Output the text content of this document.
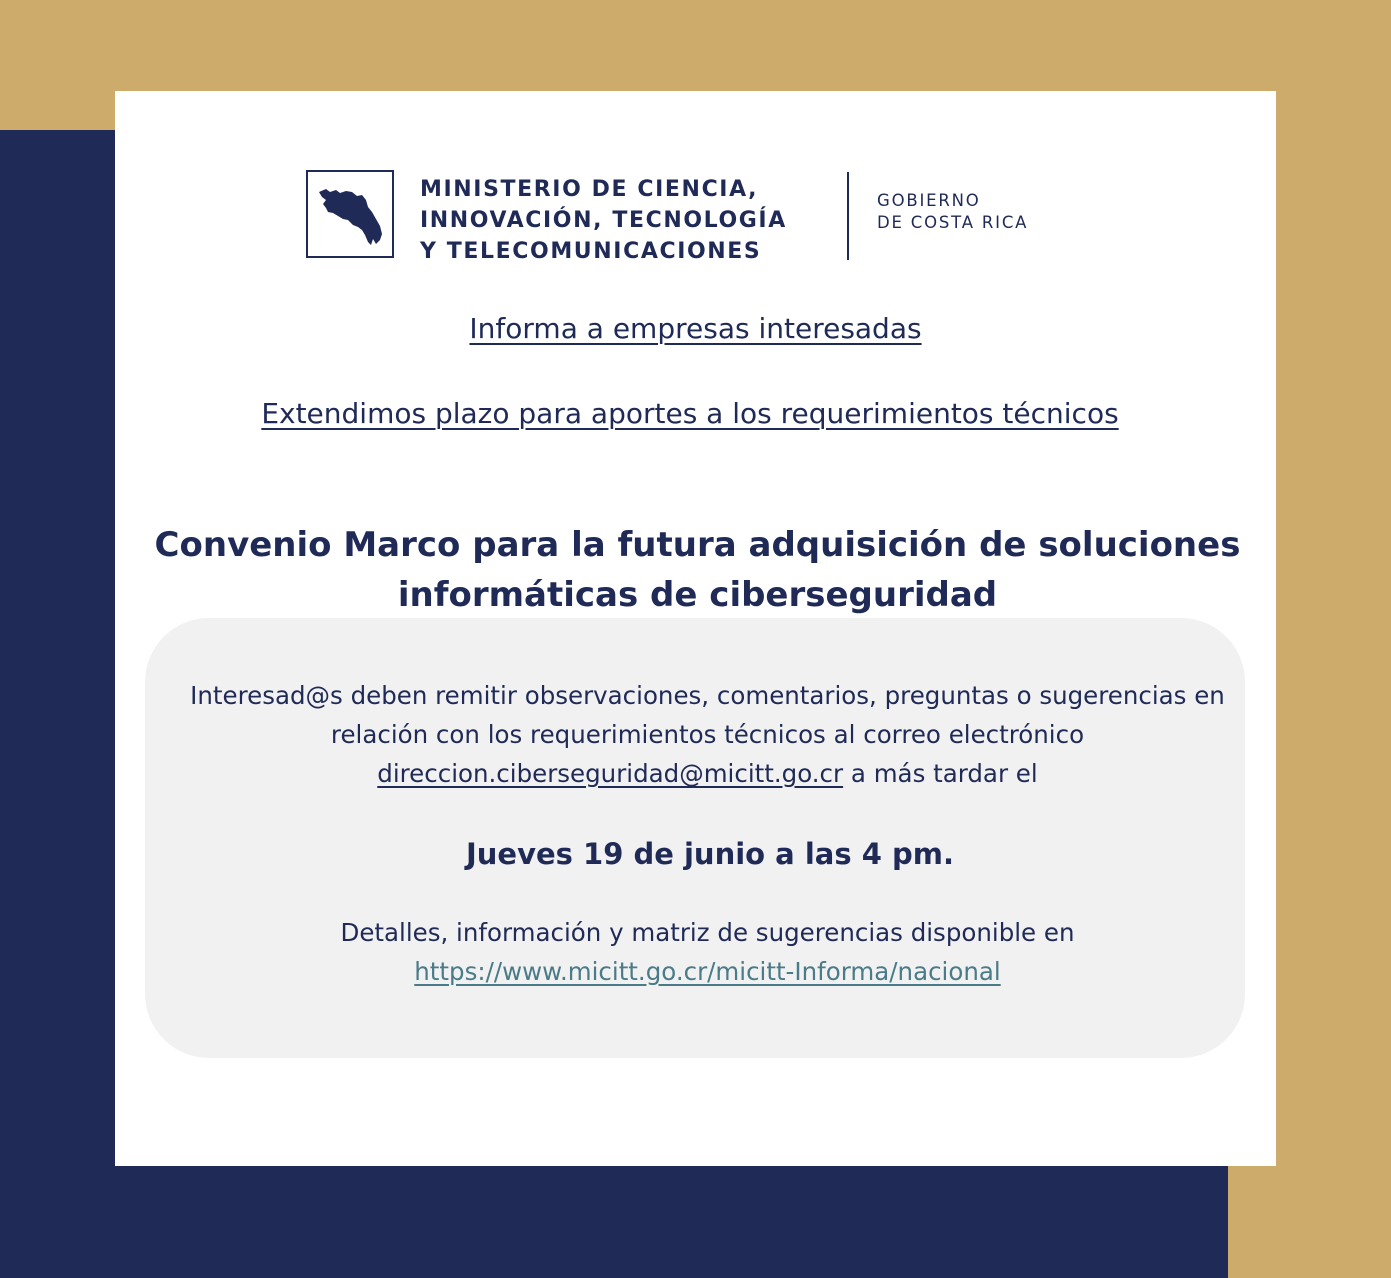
MINISTERIO DE CIENCIA,
INNOVACIÓN, TECNOLOGÍA
Y TELECOMUNICACIONES
GOBIERNO
DE COSTA RICA
Informa a empresas interesadas
Extendimos plazo para aportes a los requerimientos técnicos
Convenio Marco para la futura adquisición de soluciones informáticas de ciberseguridad
Interesad@s deben remitir observaciones, comentarios, preguntas o sugerencias en relación con los requerimientos técnicos al correo electrónico direccion.ciberseguridad@micitt.go.cr a más tardar el
Jueves 19 de junio a las 4 pm.
Detalles, información y matriz de sugerencias disponible en
https://www.micitt.go.cr/micitt-Informa/nacional
